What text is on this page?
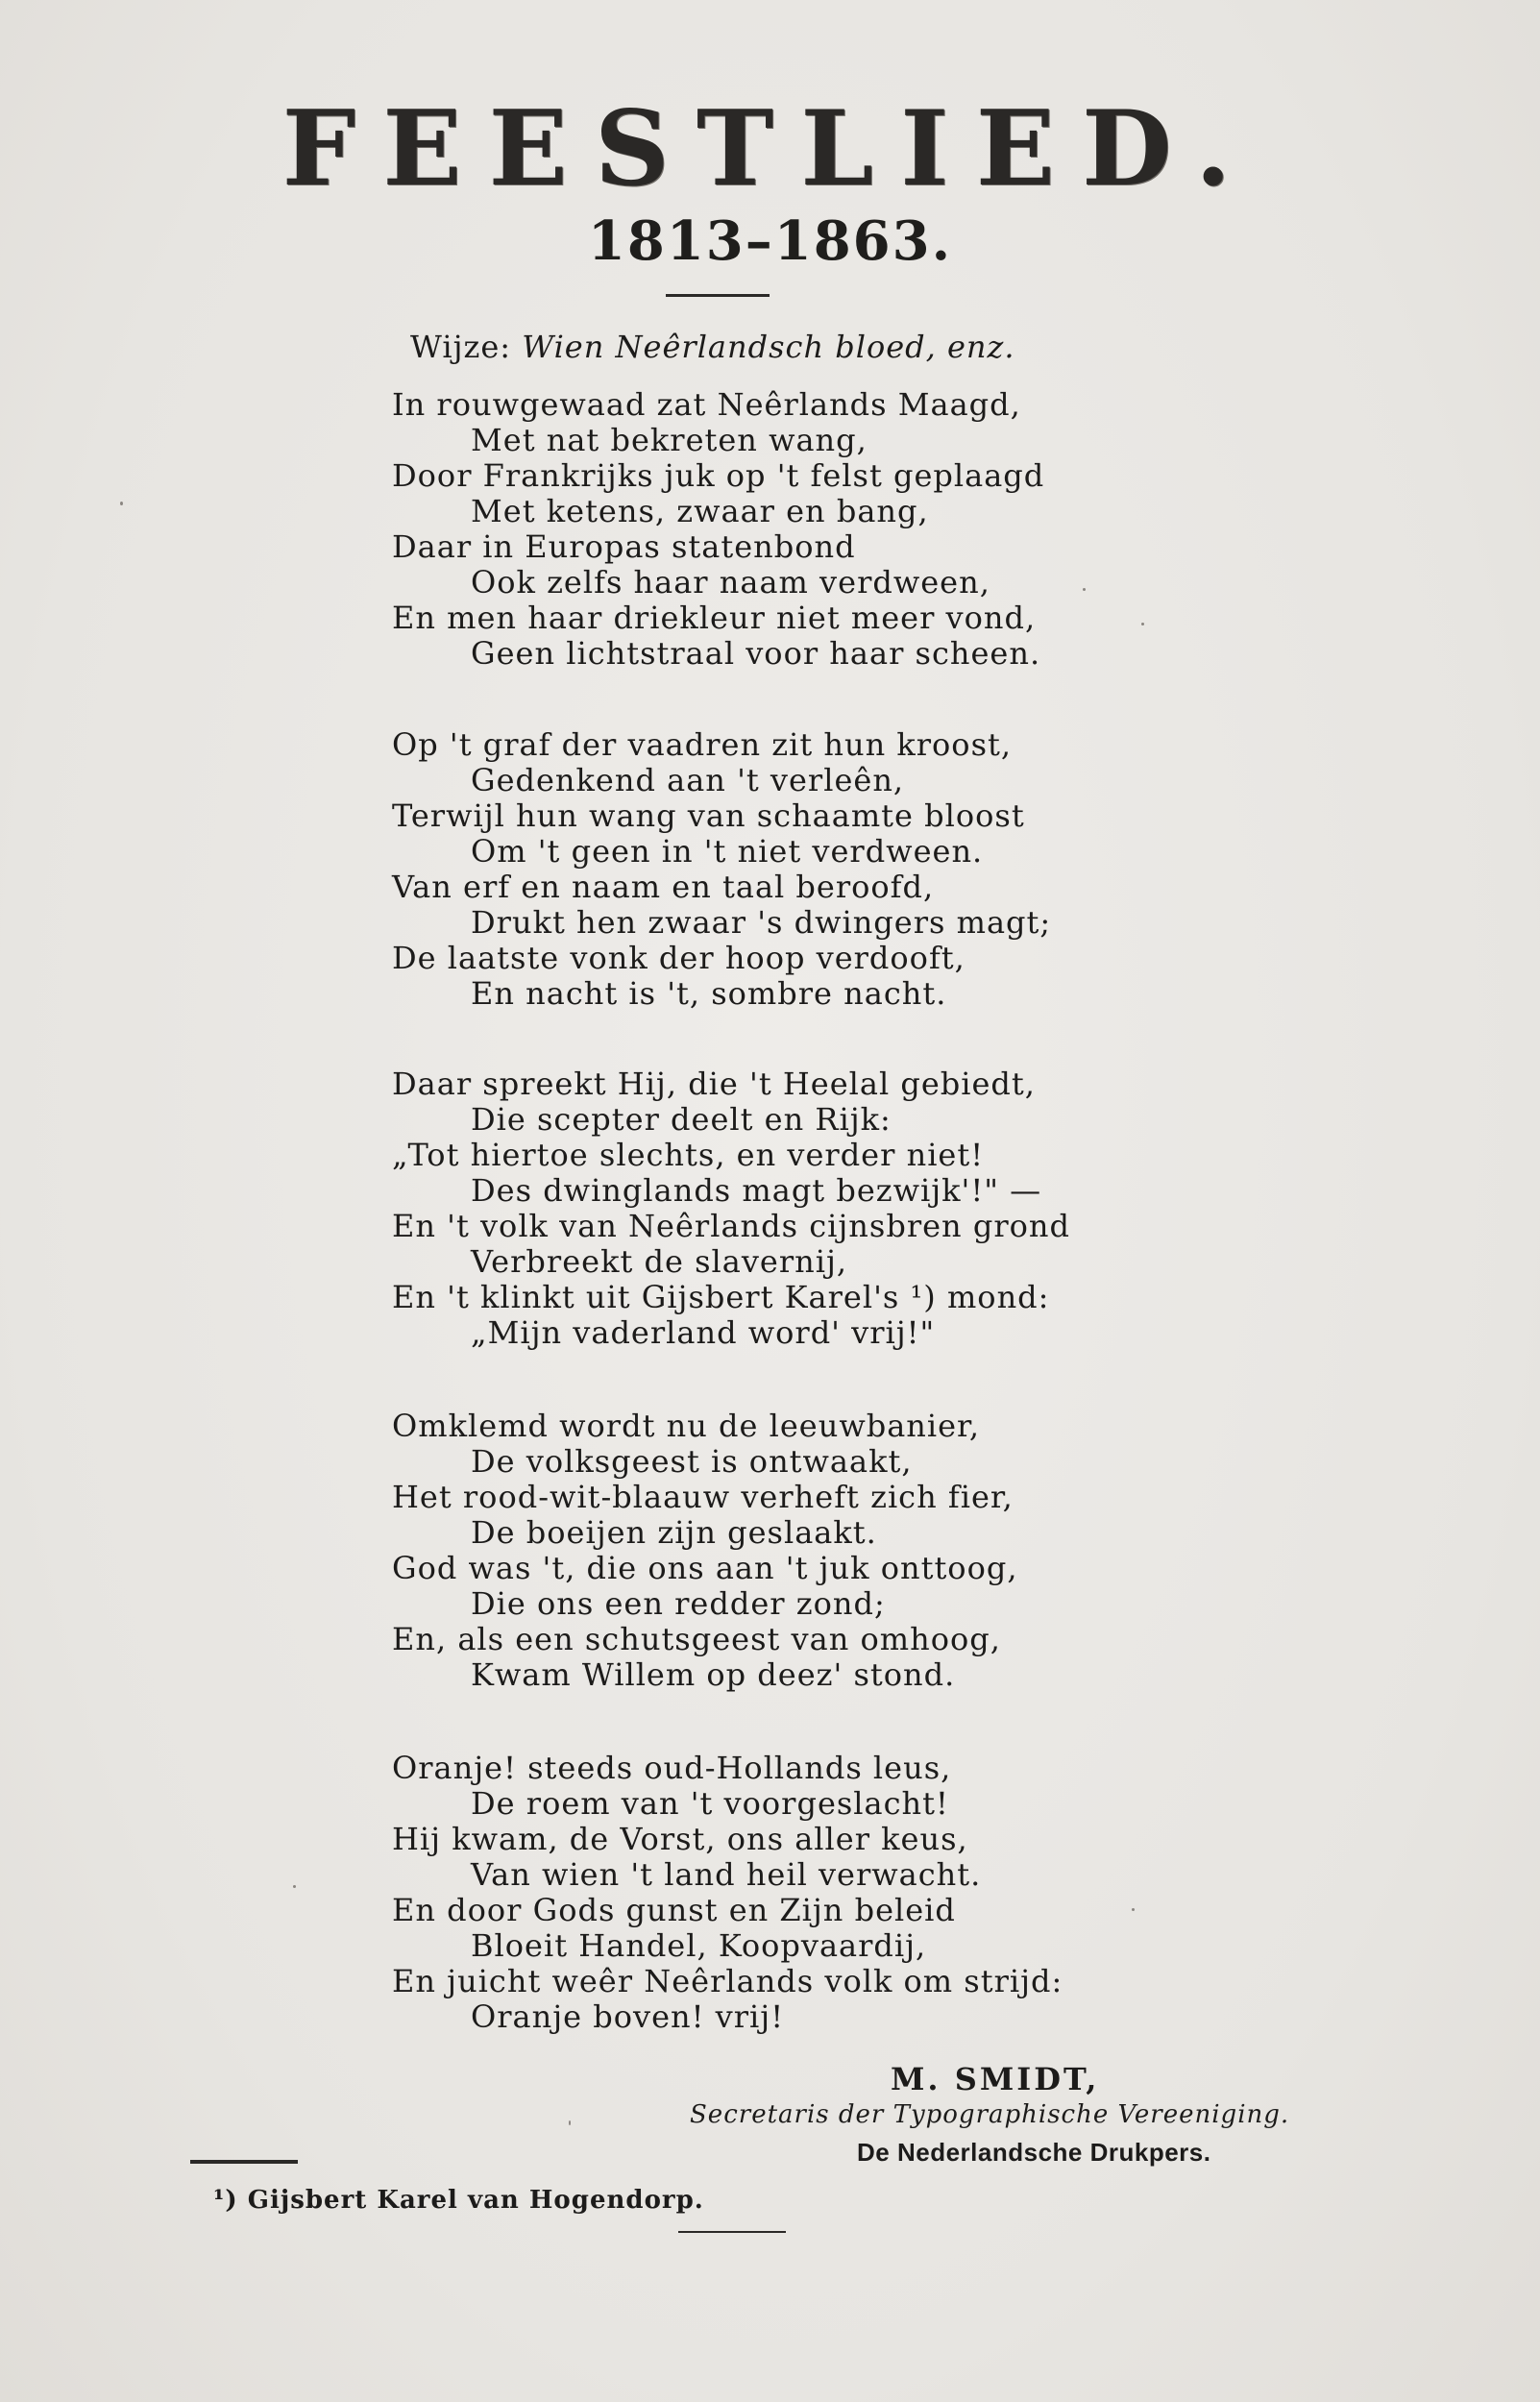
FEESTLIED.
1813–1863.
Wijze: Wien Neêrlandsch bloed, enz.
In rouwgewaad zat Neêrlands Maagd,
Met nat bekreten wang,
Door Frankrijks juk op 't felst geplaagd
Met ketens, zwaar en bang,
Daar in Europas statenbond
Ook zelfs haar naam verdween,
En men haar driekleur niet meer vond,
Geen lichtstraal voor haar scheen.
Op 't graf der vaadren zit hun kroost,
Gedenkend aan 't verleên,
Terwijl hun wang van schaamte bloost
Om 't geen in 't niet verdween.
Van erf en naam en taal beroofd,
Drukt hen zwaar 's dwingers magt;
De laatste vonk der hoop verdooft,
En nacht is 't, sombre nacht.
Daar spreekt Hij, die 't Heelal gebiedt,
Die scepter deelt en Rijk:
„Tot hiertoe slechts, en verder niet!
Des dwinglands magt bezwijk'!" —
En 't volk van Neêrlands cijnsbren grond
Verbreekt de slavernij,
En 't klinkt uit Gijsbert Karel's ¹) mond:
„Mijn vaderland word' vrij!"
Omklemd wordt nu de leeuwbanier,
De volksgeest is ontwaakt,
Het rood-wit-blaauw verheft zich fier,
De boeijen zijn geslaakt.
God was 't, die ons aan 't juk onttoog,
Die ons een redder zond;
En, als een schutsgeest van omhoog,
Kwam Willem op deez' stond.
Oranje! steeds oud-Hollands leus,
De roem van 't voorgeslacht!
Hij kwam, de Vorst, ons aller keus,
Van wien 't land heil verwacht.
En door Gods gunst en Zijn beleid
Bloeit Handel, Koopvaardij,
En juicht weêr Neêrlands volk om strijd:
Oranje boven! vrij!
M. SMIDT,
Secretaris der Typographische Vereeniging.
De Nederlandsche Drukpers.
¹) Gijsbert Karel van Hogendorp.
